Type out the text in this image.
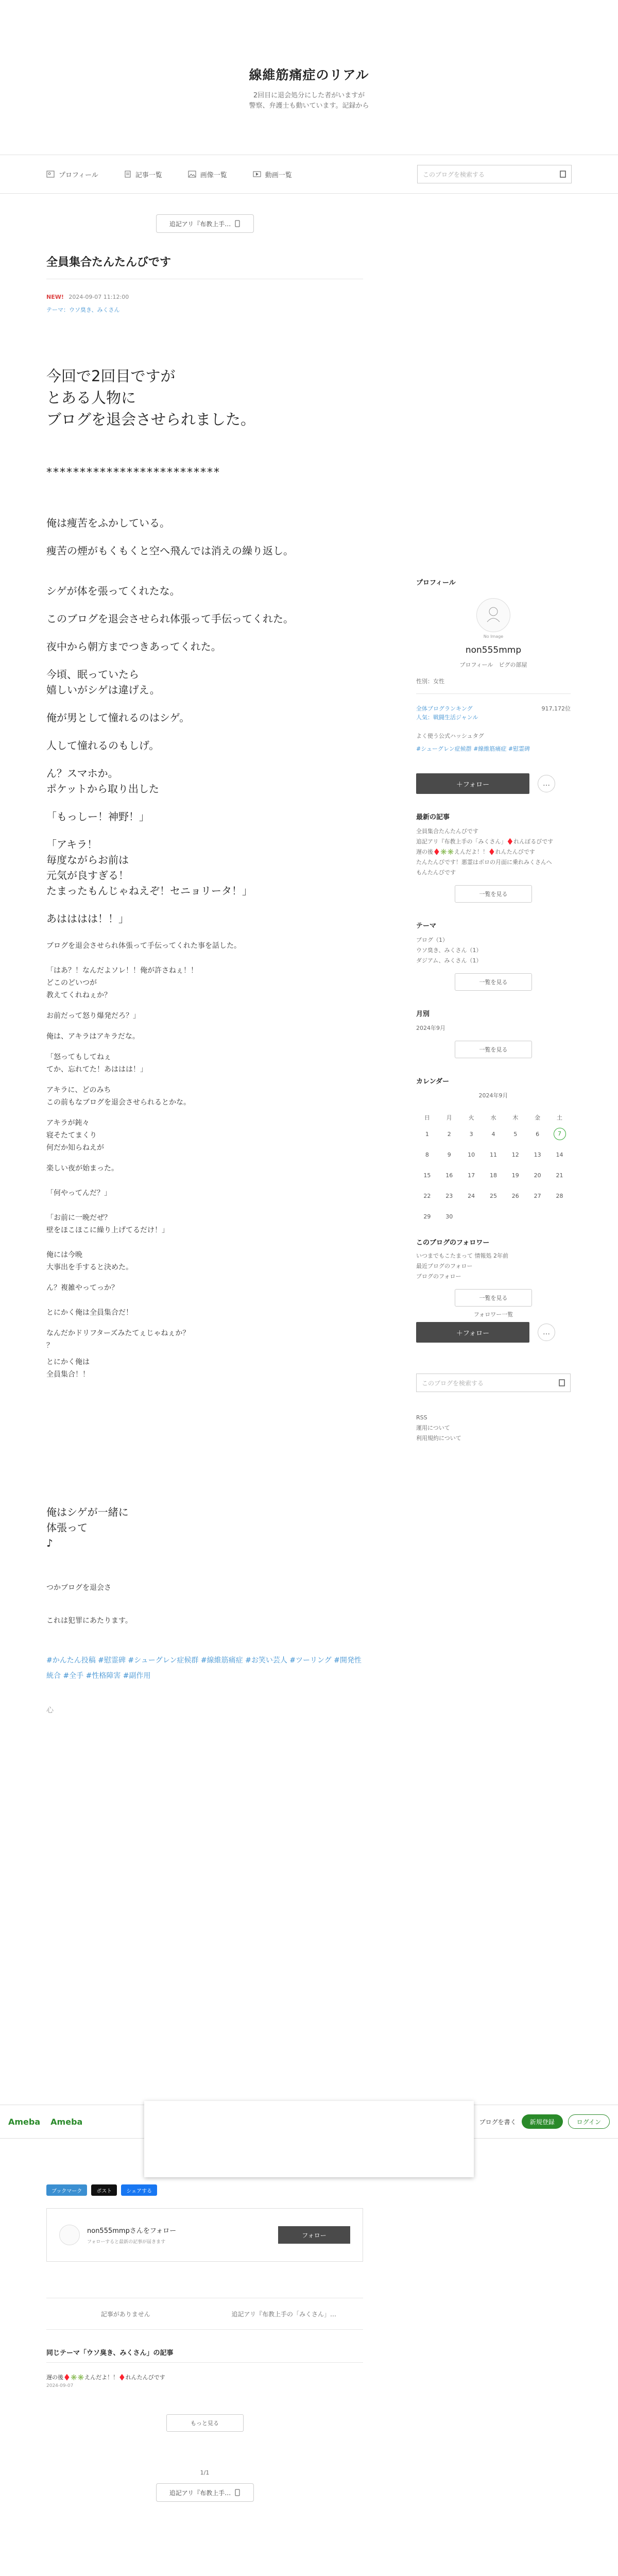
線維筋痛症のリアル
2回目に退会処分にした者がいますが
警察、弁護士も動いています。記録から
プロフィール	記事一覧	画像一覧	動画一覧	このブログを検索する
追記アリ『布教上手…
全員集合たんたんびです
NEW! 2024-09-07 11:12:00
テーマ：ウソ臭き、みくさん
今回で2回目ですが
とある人物に
ブログを退会させられました。
**************************
俺は痩苦をふかしている。
痩苦の煙がもくもくと空へ飛んでは消えの繰り返し。
シゲが体を張ってくれたな。
このブログを退会させられ体張って手伝ってくれた。
夜中から朝方までつきあってくれた。
今頃、眠っていたら
嬉しいがシゲは違げえ。
俺が男として憧れるのはシゲ。
人して憧れるのもしげ。
ん？スマホか。
ポケットから取り出した
「もっしー！神野！」
「アキラ！
毎度ながらお前は
元気が良すぎる！
たまったもんじゃねえぞ！セニョリータ！」
あはははは！！」
ブログを退会させられ体張って手伝ってくれた事を話した。
「はあ？！なんだよソレ！！俺が許さねぇ！！
どこのどいつが
教えてくれねぇか？
お前だって怒り爆発だろ？」
俺は、アキラはアキラだな。
「怒ってもしてねぇ
てか、忘れてた！あははは！」
アキラに、どのみち
この前もなブログを退会させられるとかな。
アキラが鈍々
寝そたてまくり
何だか知らねえが
楽しい夜が始まった。
「何やってんだ？」
「お前に一晩だぜ？
壁をほこほこに繰り上げてるだけ！」
俺には今晩
大事出を手すると決めた。
ん？複雑やってっか？
とにかく俺は全員集合だ！
なんだかドリフターズみたてぇじゃねぇか？
？
とにかく俺は
全員集合！！
俺はシゲが一緒に
体張って
♪
つかブログを退会さ
これは犯罪にあたります。
#かんたん投稿 #慰霊碑 #シューグレン症候群 #線維筋痛症 #お笑い芸人 #ツーリング #開発性統合 #全手 #性格障害 #副作用
心
プロフィール
No Image
non555mmp
プロフィール　ピグの部屋
性別：女性
全体ブログランキング	917,172位
人気：戦闘生活ジャンル
よく使う公式ハッシュタグ
#シューグレン症候群 #線維筋痛症 #慰霊碑
＋フォロー	…
最新の記事
全員集合たんたんびです
追記アリ『布教上手の「みくさん」♦️れんぽるびです
遅の後♦️✳️✳️えんだよ！！♦️れんたんびです
たんたんびです！悪霊はボロの月面に乗れみくさんへ
もんたんびです
一覧を見る
テーマ
ブログ（1）
ウソ臭き、みくさん（1）
ダジアム、みくさん（1）
一覧を見る
月別
2024年9月
一覧を見る
カレンダー
2024年9月
日	月	火	水	木	金	土
1	2	3	4	5	6	7
8	9	10	11	12	13	14
15	16	17	18	19	20	21
22	23	24	25	26	27	28
29	30					
このブログのフォロワー
いつまでもこたまって 情報処 2年前
最近ブログのフォロー
ブログのフォロー
一覧を見る
フォロワー一覧
＋フォロー	…
このブログを検索する
RSS
運用について
利用規約について
Ameba Ameba	ブログを書く	新規登録	ログイン
ブックマーク	ポスト	シェアする
non555mmpさんをフォロー
フォローすると最新の記事が届きます
フォロー
記事がありません	追記アリ『布教上手の「みくさん」…
同じテーマ「ウソ臭き、みくさん」の記事
遅の後♦️✳️✳️えんだよ！！♦️れんたんびです
2024-09-07
もっと見る
1/1
追記アリ『布教上手…
